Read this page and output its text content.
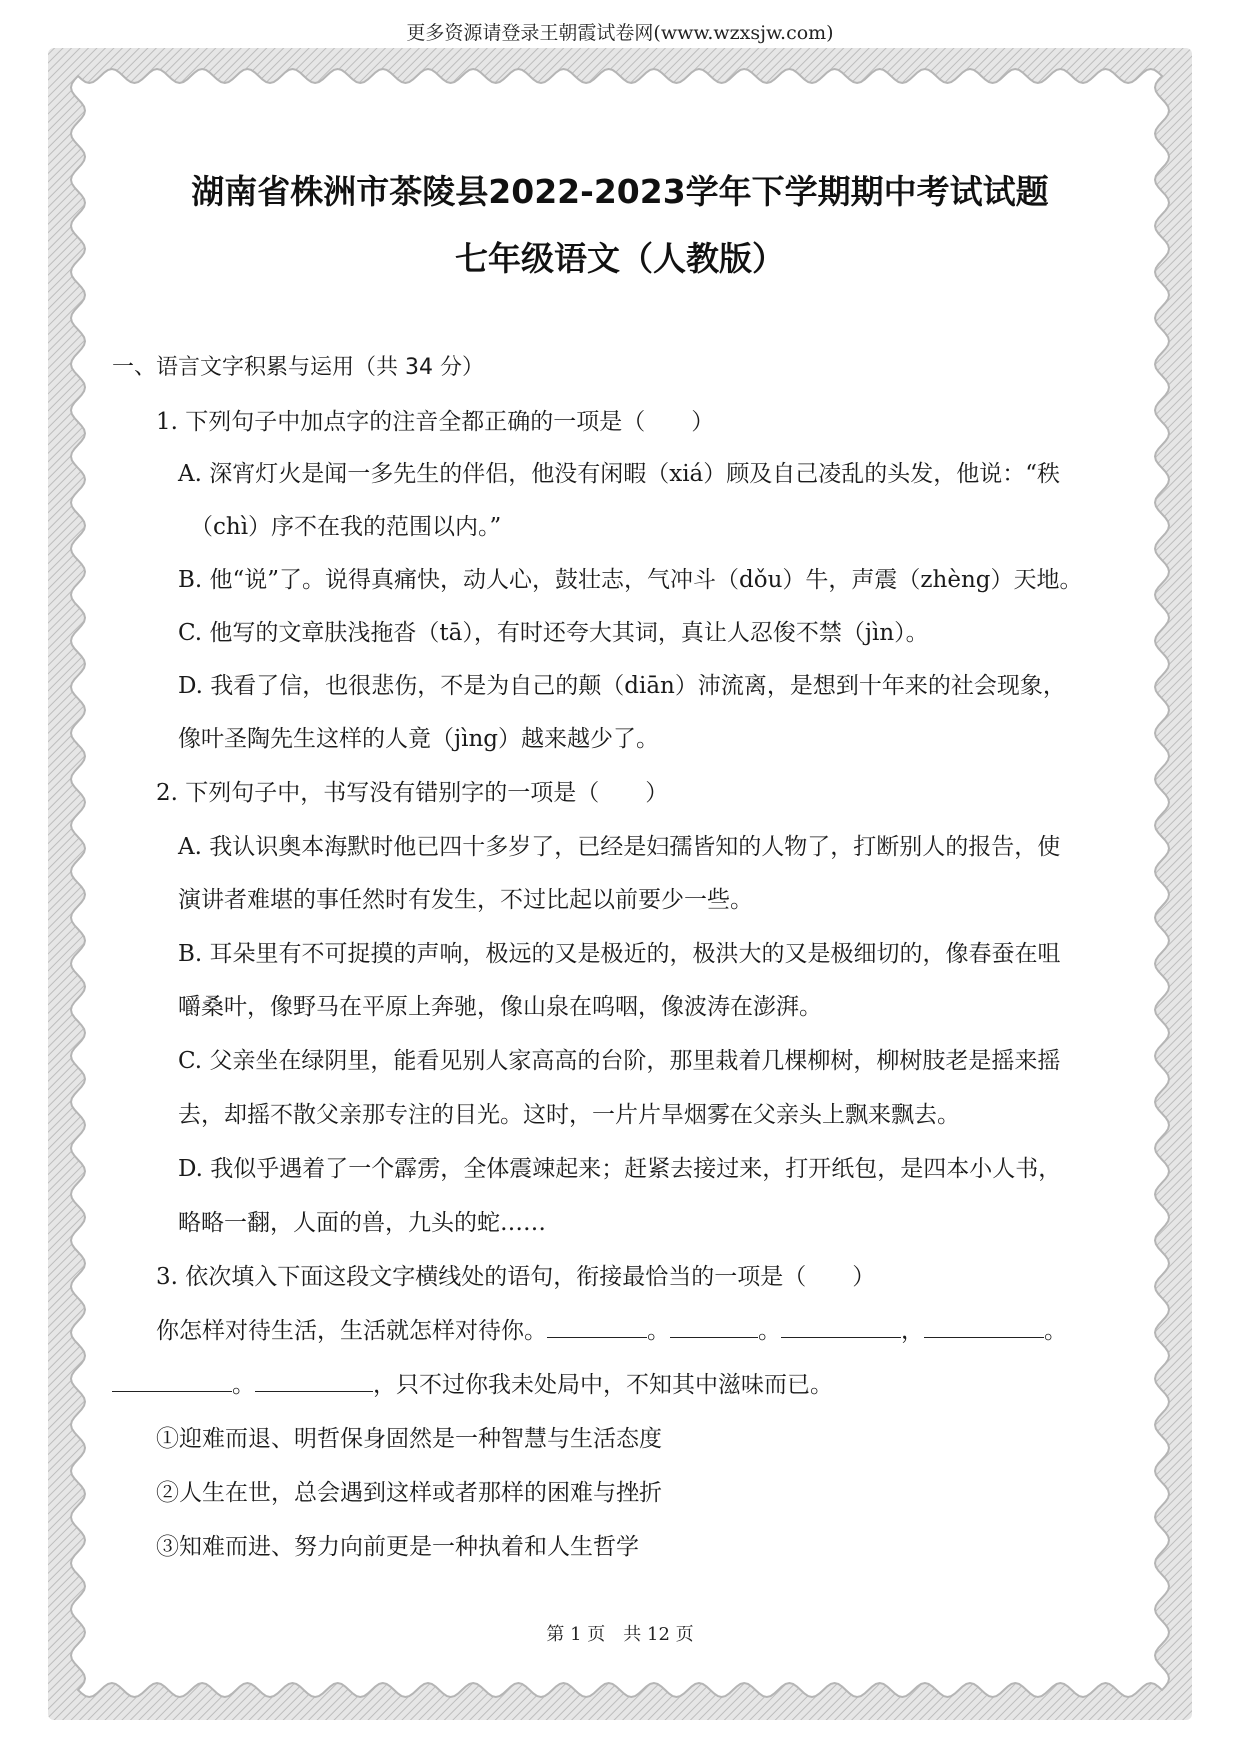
更多资源请登录王朝霞试卷网(www.wzxsjw.com)
湖南省株洲市茶陵县2022-2023学年下学期期中考试试题
七年级语文（人教版）
一、语言文字积累与运用（共 34 分）
1. 下列句子中加点字的注音全都正确的一项是（　　）
A. 深宵灯火是闻一多先生的伴侣，他没有闲暇（xiá）顾及自己凌乱的头发，他说：“秩
（chì）序不在我的范围以内。”
B. 他“说”了。说得真痛快，动人心，鼓壮志，气冲斗（dǒu）牛，声震（zhèng）天地。
C. 他写的文章肤浅拖沓（tā），有时还夸大其词，真让人忍俊不禁（jìn）。
D. 我看了信，也很悲伤，不是为自己的颠（diān）沛流离，是想到十年来的社会现象，
像叶圣陶先生这样的人竟（jìng）越来越少了。
2. 下列句子中，书写没有错别字的一项是（　　）
A. 我认识奥本海默时他已四十多岁了，已经是妇孺皆知的人物了，打断别人的报告，使
演讲者难堪的事任然时有发生，不过比起以前要少一些。
B. 耳朵里有不可捉摸的声响，极远的又是极近的，极洪大的又是极细切的，像春蚕在咀
嚼桑叶，像野马在平原上奔驰，像山泉在呜咽，像波涛在澎湃。
C. 父亲坐在绿阴里，能看见别人家高高的台阶，那里栽着几棵柳树，柳树肢老是摇来摇
去，却摇不散父亲那专注的目光。这时，一片片旱烟雾在父亲头上飘来飘去。
D. 我似乎遇着了一个霹雳，全体震竦起来；赶紧去接过来，打开纸包，是四本小人书，
略略一翻，人面的兽，九头的蛇……
3. 依次填入下面这段文字横线处的语句，衔接最恰当的一项是（　　）
你怎样对待生活，生活就怎样对待你。	。	。	，	。
。	，只不过你我未处局中，不知其中滋味而已。
①迎难而退、明哲保身固然是一种智慧与生活态度
②人生在世，总会遇到这样或者那样的困难与挫折
③知难而进、努力向前更是一种执着和人生哲学
第 1 页　共 12 页
